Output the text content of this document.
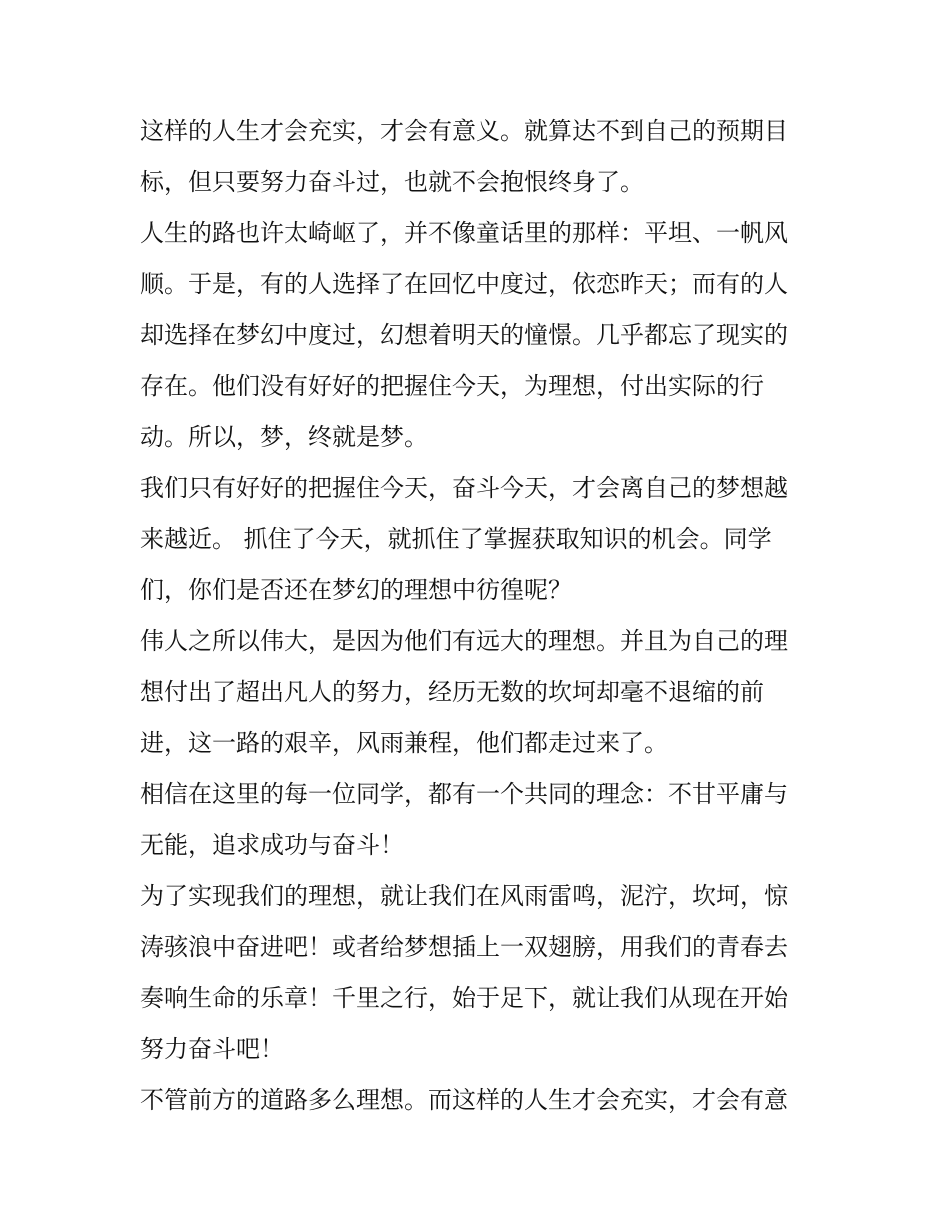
这样的人生才会充实，才会有意义。就算达不到自己的预期目
标，但只要努力奋斗过，也就不会抱恨终身了。
人生的路也许太崎岖了，并不像童话里的那样：平坦、一帆风
顺。于是，有的人选择了在回忆中度过，依恋昨天；而有的人
却选择在梦幻中度过，幻想着明天的憧憬。几乎都忘了现实的
存在。他们没有好好的把握住今天，为理想，付出实际的行
动。所以，梦，终就是梦。
我们只有好好的把握住今天，奋斗今天，才会离自己的梦想越
来越近。 抓住了今天，就抓住了掌握获取知识的机会。同学
们，你们是否还在梦幻的理想中彷徨呢？
伟人之所以伟大，是因为他们有远大的理想。并且为自己的理
想付出了超出凡人的努力，经历无数的坎坷却毫不退缩的前
进，这一路的艰辛，风雨兼程，他们都走过来了。
相信在这里的每一位同学，都有一个共同的理念：不甘平庸与
无能，追求成功与奋斗！
为了实现我们的理想，就让我们在风雨雷鸣，泥泞，坎坷，惊
涛骇浪中奋进吧！或者给梦想插上一双翅膀，用我们的青春去
奏响生命的乐章！千里之行，始于足下，就让我们从现在开始
努力奋斗吧！
不管前方的道路多么理想。而这样的人生才会充实，才会有意
